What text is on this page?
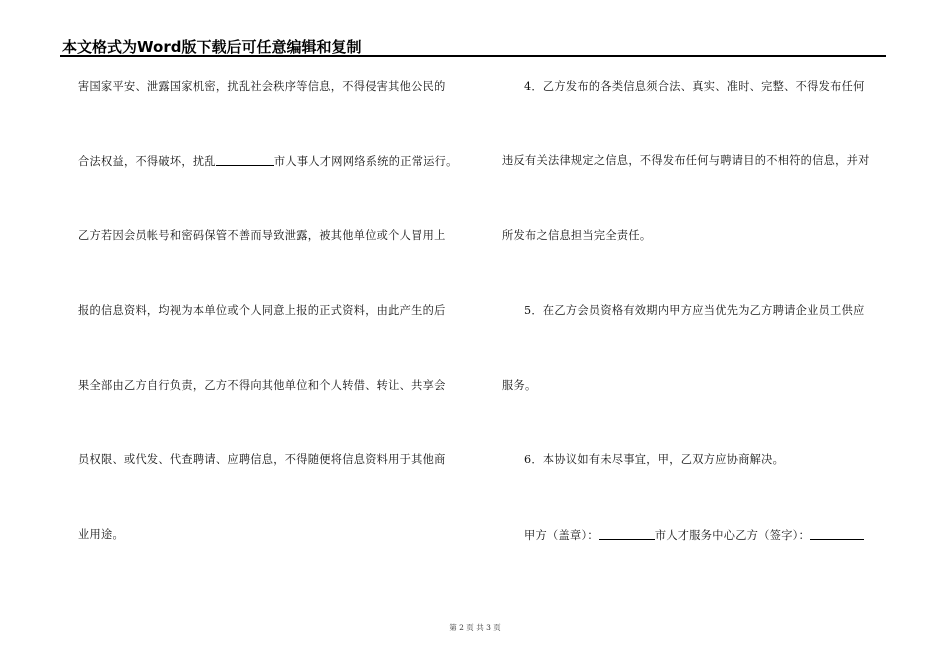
本文格式为Word版下载后可任意编辑和复制
害国家平安、泄露国家机密，扰乱社会秩序等信息，不得侵害其他公民的
合法权益，不得破坏，扰乱	市人事人才网网络系统的正常运行。
乙方若因会员帐号和密码保管不善而导致泄露，被其他单位或个人冒用上
报的信息资料，均视为本单位或个人同意上报的正式资料，由此产生的后
果全部由乙方自行负责，乙方不得向其他单位和个人转借、转让、共享会
员权限、或代发、代查聘请、应聘信息，不得随便将信息资料用于其他商
业用途。
4．乙方发布的各类信息须合法、真实、准时、完整、不得发布任何
违反有关法律规定之信息，不得发布任何与聘请目的不相符的信息，并对
所发布之信息担当完全责任。
5．在乙方会员资格有效期内甲方应当优先为乙方聘请企业员工供应
服务。
6．本协议如有未尽事宜，甲，乙双方应协商解决。
甲方（盖章）：	市人才服务中心乙方（签字）：
第 2 页 共 3 页
